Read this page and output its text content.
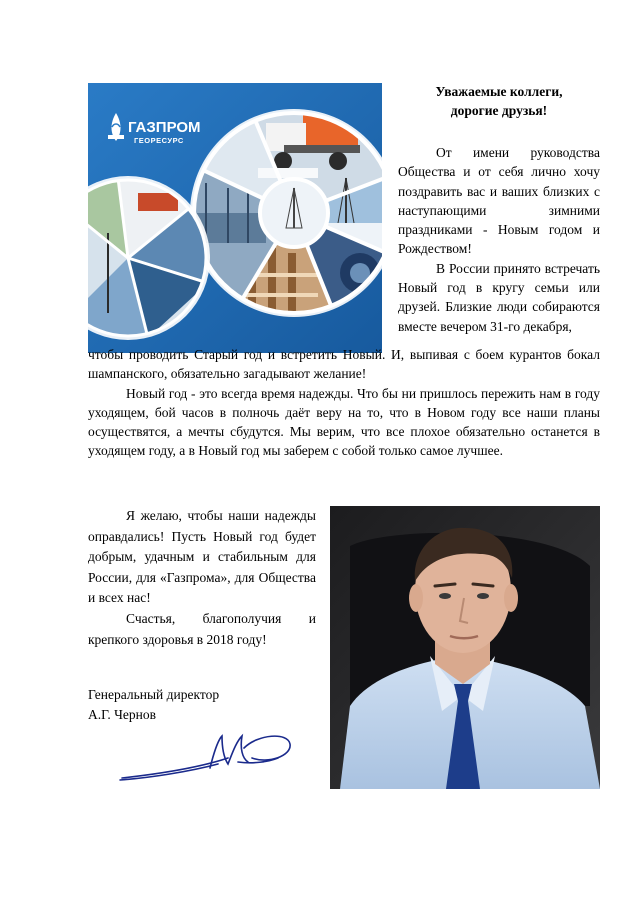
ГАЗПРОМ
ГЕОРЕСУРС
Уважаемые коллеги,
дорогие друзья!

От имени руководства Общества и от себя лично хочу поздравить вас и ваших близких с наступающими зимними праздниками - Новым годом и Рождеством!

В России принято встречать Новый год в кругу семьи или друзей. Близкие люди собираются вместе вечером 31-го декабря,

чтобы проводить Старый год и встретить Новый. И, выпивая с боем курантов бокал шампанского, обязательно загадывают желание!

Новый год - это всегда время надежды. Что бы ни пришлось пережить нам в году уходящем, бой часов в полночь даёт веру на то, что в Новом году все наши планы осуществятся, а мечты сбудутся. Мы верим, что все плохое обязательно останется в уходящем году, а в Новый год мы заберем с собой только самое лучшее.

Я желаю, чтобы наши надежды оправдались! Пусть Новый год будет добрым, удачным и стабильным для России, для «Газпрома», для Общества и всех нас!

Счастья, благополучия и крепкого здоровья в 2018 году!

Генеральный директор
А.Г. Чернов
